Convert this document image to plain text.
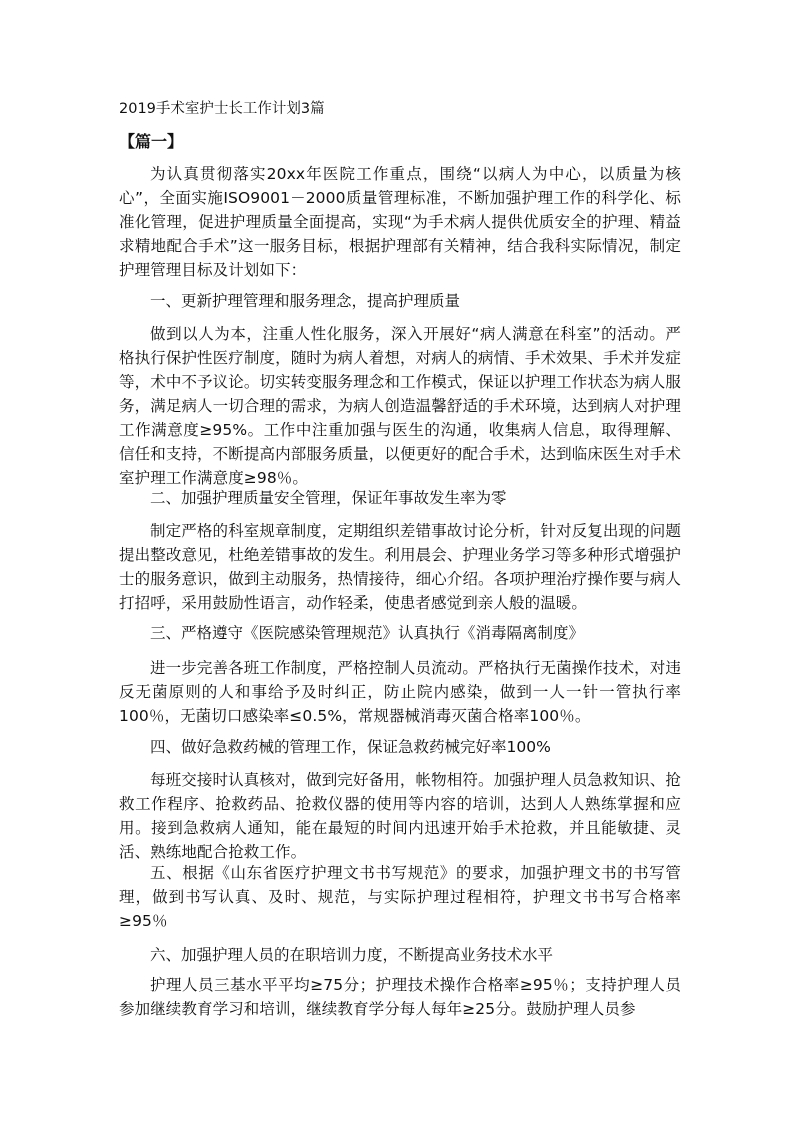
2019手术室护士长工作计划3篇
【篇一】

为认真贯彻落实20xx年医院工作重点，围绕“以病人为中心，以质量为核心”，全面实施ISO9001－2000质量管理标准，不断加强护理工作的科学化、标准化管理，促进护理质量全面提高，实现“为手术病人提供优质安全的护理、精益求精地配合手术”这一服务目标，根据护理部有关精神，结合我科实际情况，制定护理管理目标及计划如下：

一、更新护理管理和服务理念，提高护理质量

做到以人为本，注重人性化服务，深入开展好“病人满意在科室”的活动。严格执行保护性医疗制度，随时为病人着想，对病人的病情、手术效果、手术并发症等，术中不予议论。切实转变服务理念和工作模式，保证以护理工作状态为病人服务，满足病人一切合理的需求，为病人创造温馨舒适的手术环境，达到病人对护理工作满意度≥95%。工作中注重加强与医生的沟通，收集病人信息，取得理解、信任和支持，不断提高内部服务质量，以便更好的配合手术，达到临床医生对手术室护理工作满意度≥98％。

二、加强护理质量安全管理，保证年事故发生率为零

制定严格的科室规章制度，定期组织差错事故讨论分析，针对反复出现的问题提出整改意见，杜绝差错事故的发生。利用晨会、护理业务学习等多种形式增强护士的服务意识，做到主动服务，热情接待，细心介绍。各项护理治疗操作要与病人打招呼，采用鼓励性语言，动作轻柔，使患者感觉到亲人般的温暖。

三、严格遵守《医院感染管理规范》认真执行《消毒隔离制度》

进一步完善各班工作制度，严格控制人员流动。严格执行无菌操作技术，对违反无菌原则的人和事给予及时纠正，防止院内感染，做到一人一针一管执行率100％，无菌切口感染率≤0.5%，常规器械消毒灭菌合格率100％。

四、做好急救药械的管理工作，保证急救药械完好率100%

每班交接时认真核对，做到完好备用，帐物相符。加强护理人员急救知识、抢救工作程序、抢救药品、抢救仪器的使用等内容的培训，达到人人熟练掌握和应用。接到急救病人通知，能在最短的时间内迅速开始手术抢救，并且能敏捷、灵活、熟练地配合抢救工作。

五、根据《山东省医疗护理文书书写规范》的要求，加强护理文书的书写管理，做到书写认真、及时、规范，与实际护理过程相符，护理文书书写合格率≥95％

六、加强护理人员的在职培训力度，不断提高业务技术水平

护理人员三基水平平均≥75分；护理技术操作合格率≥95％；支持护理人员参加继续教育学习和培训，继续教育学分每人每年≥25分。鼓励护理人员参
